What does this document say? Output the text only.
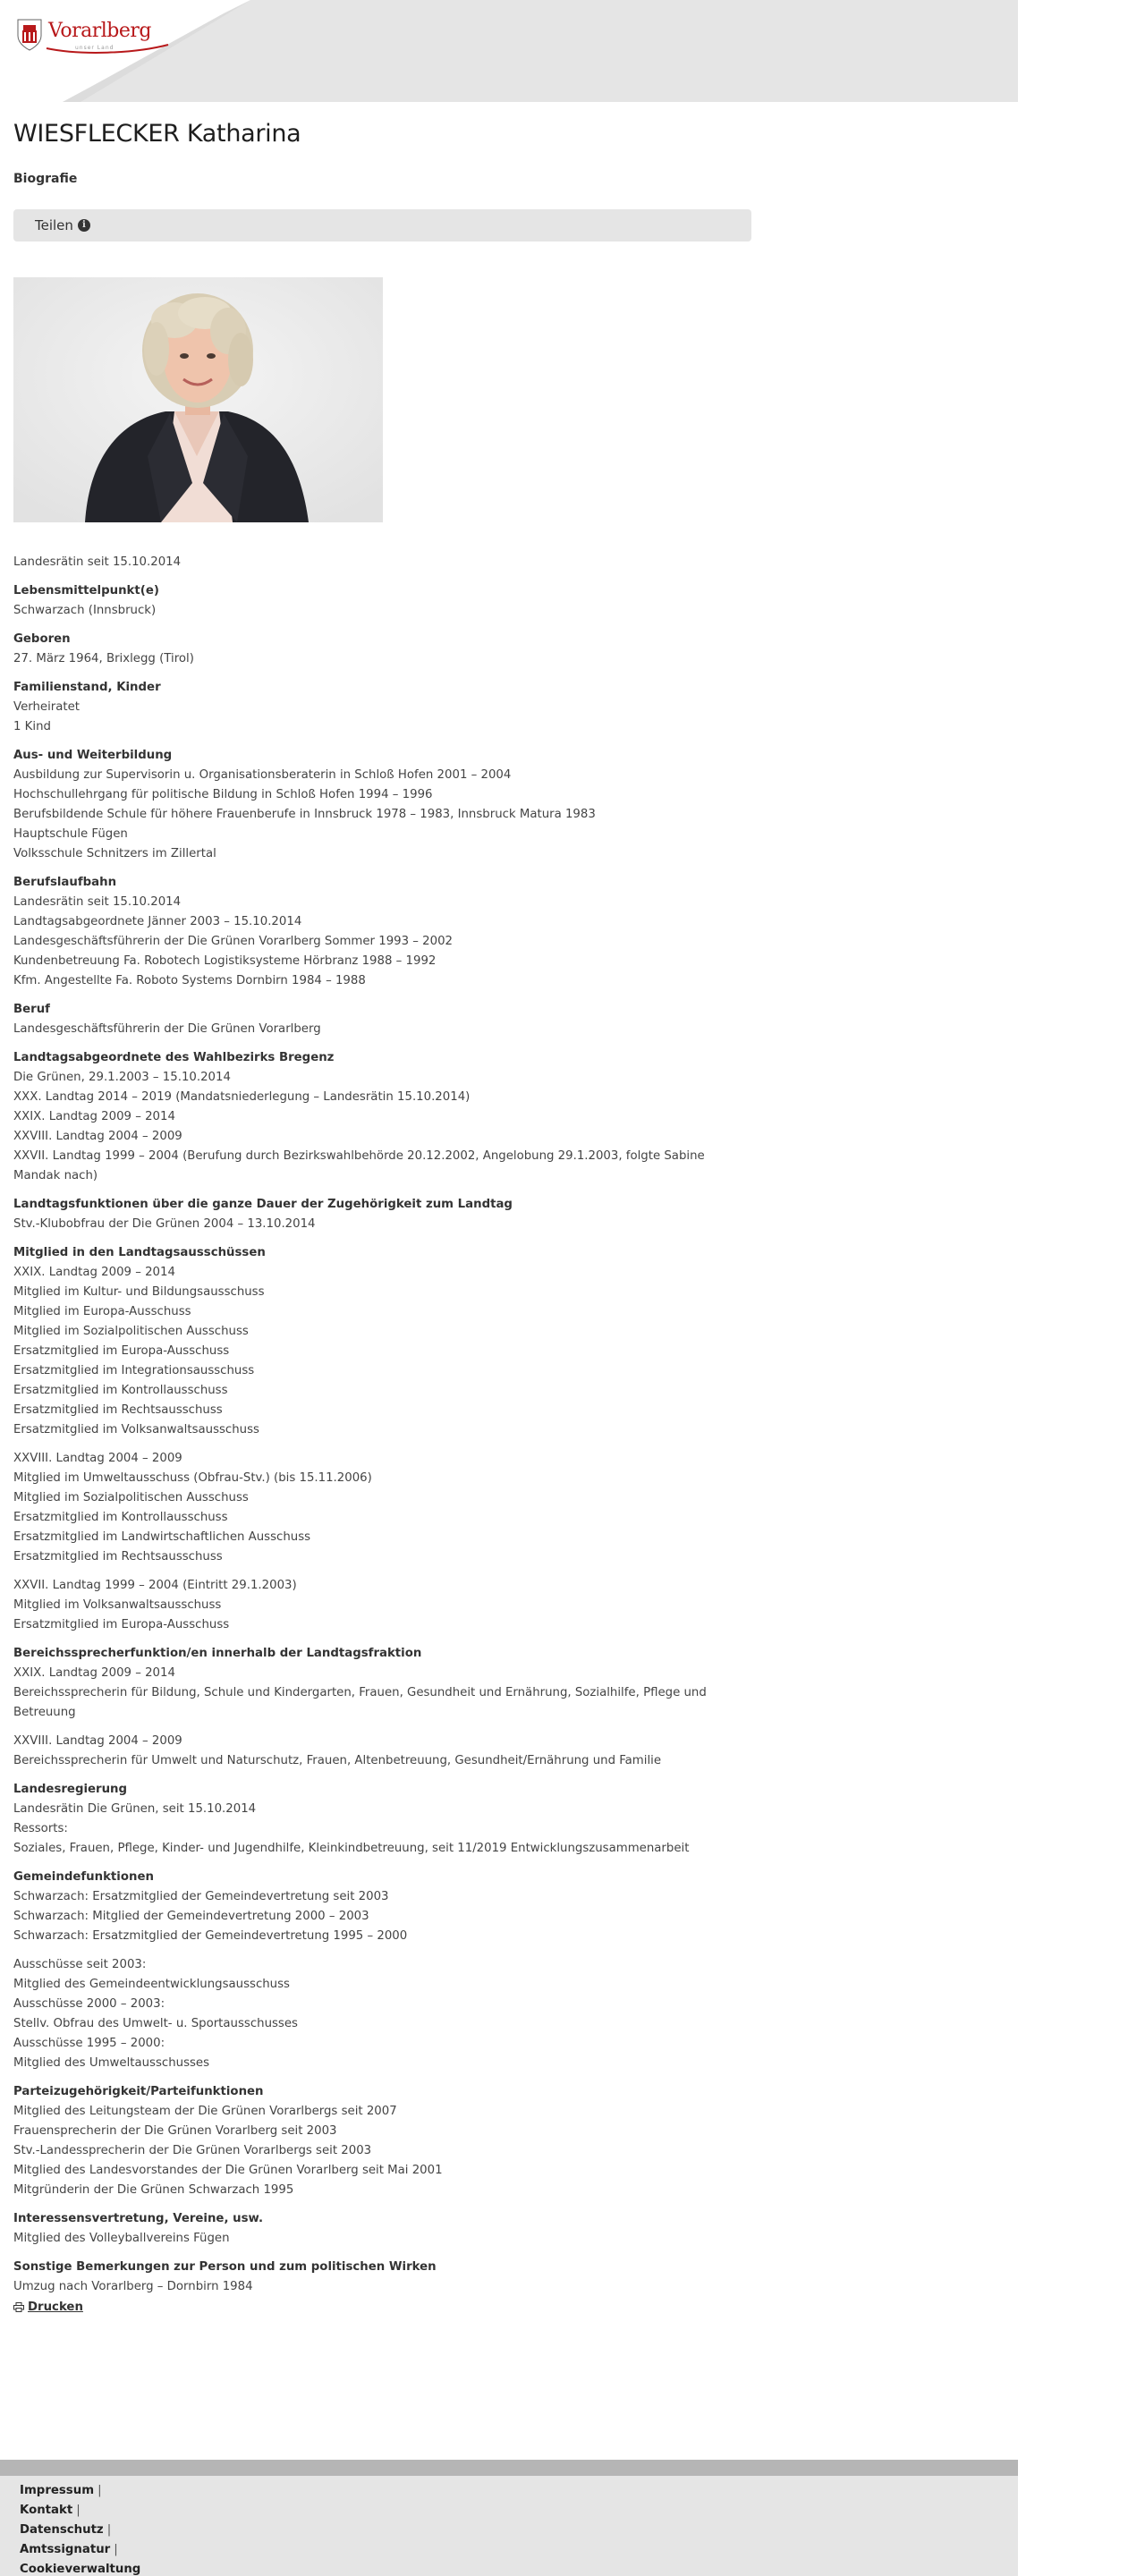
Vorarlberg
unser Land
WIESFLECKER Katharina
Biografie
Teilen	i
Landesrätin seit 15.10.2014
Lebensmittelpunkt(e)
Schwarzach (Innsbruck)
Geboren
27. März 1964, Brixlegg (Tirol)
Familienstand, Kinder
Verheiratet
1 Kind
Aus- und Weiterbildung
Ausbildung zur Supervisorin u. Organisationsberaterin in Schloß Hofen 2001 – 2004
Hochschullehrgang für politische Bildung in Schloß Hofen 1994 – 1996
Berufsbildende Schule für höhere Frauenberufe in Innsbruck 1978 – 1983, Innsbruck Matura 1983
Hauptschule Fügen
Volksschule Schnitzers im Zillertal
Berufslaufbahn
Landesrätin seit 15.10.2014
Landtagsabgeordnete Jänner 2003 – 15.10.2014
Landesgeschäftsführerin der Die Grünen Vorarlberg Sommer 1993 – 2002
Kundenbetreuung Fa. Robotech Logistiksysteme Hörbranz 1988 – 1992
Kfm. Angestellte Fa. Roboto Systems Dornbirn 1984 – 1988
Beruf
Landesgeschäftsführerin der Die Grünen Vorarlberg
Landtagsabgeordnete des Wahlbezirks Bregenz
Die Grünen, 29.1.2003 – 15.10.2014
XXX. Landtag 2014 – 2019 (Mandatsniederlegung – Landesrätin 15.10.2014)
XXIX. Landtag 2009 – 2014
XXVIII. Landtag 2004 – 2009
XXVII. Landtag 1999 – 2004 (Berufung durch Bezirkswahlbehörde 20.12.2002, Angelobung 29.1.2003, folgte Sabine Mandak nach)
Landtagsfunktionen über die ganze Dauer der Zugehörigkeit zum Landtag
Stv.-Klubobfrau der Die Grünen 2004 – 13.10.2014
Mitglied in den Landtagsausschüssen
XXIX. Landtag 2009 – 2014
Mitglied im Kultur- und Bildungsausschuss
Mitglied im Europa-Ausschuss
Mitglied im Sozialpolitischen Ausschuss
Ersatzmitglied im Europa-Ausschuss
Ersatzmitglied im Integrationsausschuss
Ersatzmitglied im Kontrollausschuss
Ersatzmitglied im Rechtsausschuss
Ersatzmitglied im Volksanwaltsausschuss
XXVIII. Landtag 2004 – 2009
Mitglied im Umweltausschuss (Obfrau-Stv.) (bis 15.11.2006)
Mitglied im Sozialpolitischen Ausschuss
Ersatzmitglied im Kontrollausschuss
Ersatzmitglied im Landwirtschaftlichen Ausschuss
Ersatzmitglied im Rechtsausschuss
XXVII. Landtag 1999 – 2004 (Eintritt 29.1.2003)
Mitglied im Volksanwaltsausschuss
Ersatzmitglied im Europa-Ausschuss
Bereichssprecherfunktion/en innerhalb der Landtagsfraktion
XXIX. Landtag 2009 – 2014
Bereichssprecherin für Bildung, Schule und Kindergarten, Frauen, Gesundheit und Ernährung, Sozialhilfe, Pflege und Betreuung
XXVIII. Landtag 2004 – 2009
Bereichssprecherin für Umwelt und Naturschutz, Frauen, Altenbetreuung, Gesundheit/Ernährung und Familie
Landesregierung
Landesrätin Die Grünen, seit 15.10.2014
Ressorts:
Soziales, Frauen, Pflege, Kinder- und Jugendhilfe, Kleinkindbetreuung, seit 11/2019 Entwicklungszusammenarbeit
Gemeindefunktionen
Schwarzach: Ersatzmitglied der Gemeindevertretung seit 2003
Schwarzach: Mitglied der Gemeindevertretung 2000 – 2003
Schwarzach: Ersatzmitglied der Gemeindevertretung 1995 – 2000
Ausschüsse seit 2003:
Mitglied des Gemeindeentwicklungsausschuss
Ausschüsse 2000 – 2003:
Stellv. Obfrau des Umwelt- u. Sportausschusses
Ausschüsse 1995 – 2000:
Mitglied des Umweltausschusses
Parteizugehörigkeit/Parteifunktionen
Mitglied des Leitungsteam der Die Grünen Vorarlbergs seit 2007
Frauensprecherin der Die Grünen Vorarlberg seit 2003
Stv.-Landessprecherin der Die Grünen Vorarlbergs seit 2003
Mitglied des Landesvorstandes der Die Grünen Vorarlberg seit Mai 2001
Mitgründerin der Die Grünen Schwarzach 1995
Interessensvertretung, Vereine, usw.
Mitglied des Volleyballvereins Fügen
Sonstige Bemerkungen zur Person und zum politischen Wirken
Umzug nach Vorarlberg – Dornbirn 1984
Drucken
Impressum |
Kontakt |
Datenschutz |
Amtssignatur |
Cookieverwaltung
